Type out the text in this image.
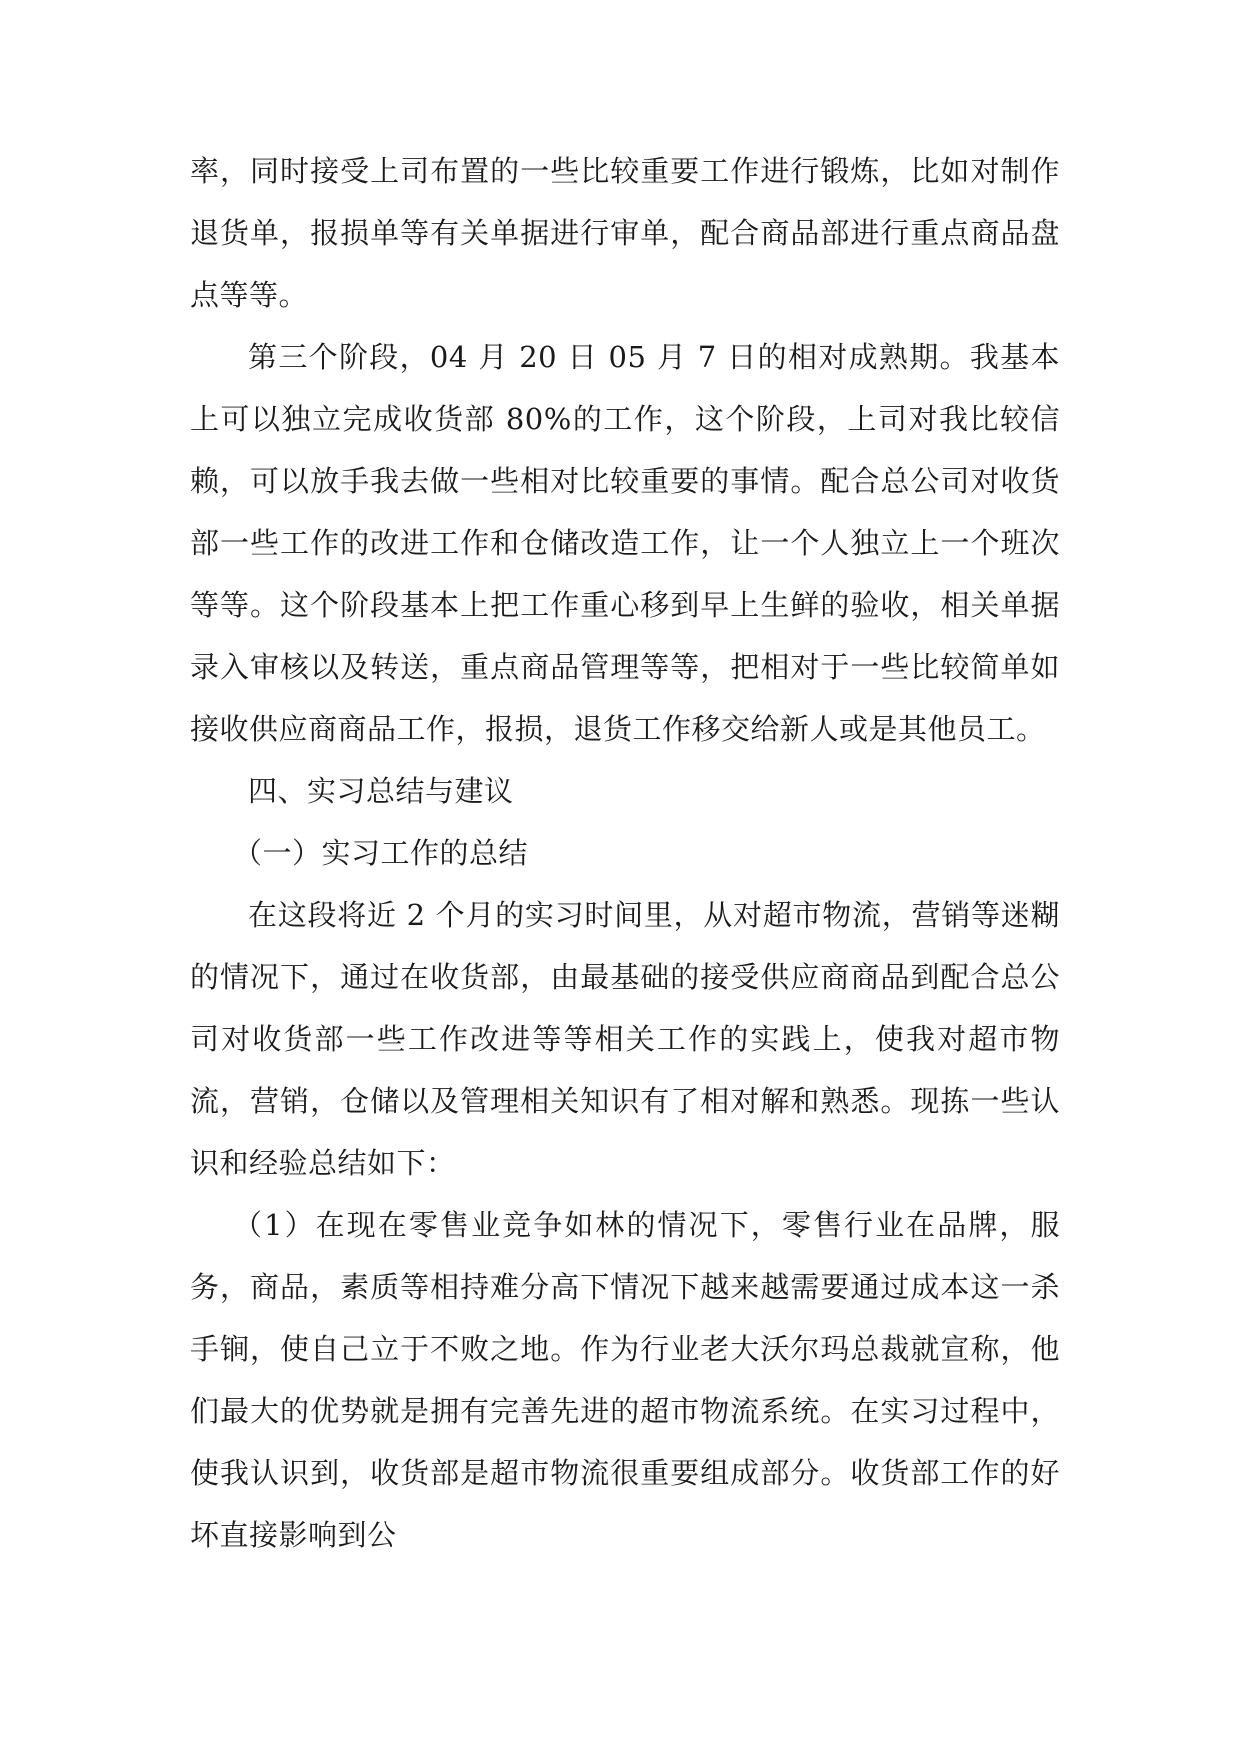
率，同时接受上司布置的一些比较重要工作进行锻炼，比如对制作退货单，报损单等有关单据进行审单，配合商品部进行重点商品盘点等等。

第三个阶段，04 月 20 日 05 月 7 日的相对成熟期。我基本上可以独立完成收货部 80%的工作，这个阶段，上司对我比较信赖，可以放手我去做一些相对比较重要的事情。配合总公司对收货部一些工作的改进工作和仓储改造工作，让一个人独立上一个班次等等。这个阶段基本上把工作重心移到早上生鲜的验收，相关单据录入审核以及转送，重点商品管理等等，把相对于一些比较简单如接收供应商商品工作，报损，退货工作移交给新人或是其他员工。

四、实习总结与建议

（一）实习工作的总结

在这段将近 2 个月的实习时间里，从对超市物流，营销等迷糊的情况下，通过在收货部，由最基础的接受供应商商品到配合总公司对收货部一些工作改进等等相关工作的实践上，使我对超市物流，营销，仓储以及管理相关知识有了相对解和熟悉。现拣一些认识和经验总结如下：

（1）在现在零售业竞争如林的情况下，零售行业在品牌，服务，商品，素质等相持难分高下情况下越来越需要通过成本这一杀手锏，使自己立于不败之地。作为行业老大沃尔玛总裁就宣称，他们最大的优势就是拥有完善先进的超市物流系统。在实习过程中，使我认识到，收货部是超市物流很重要组成部分。收货部工作的好坏直接影响到公
